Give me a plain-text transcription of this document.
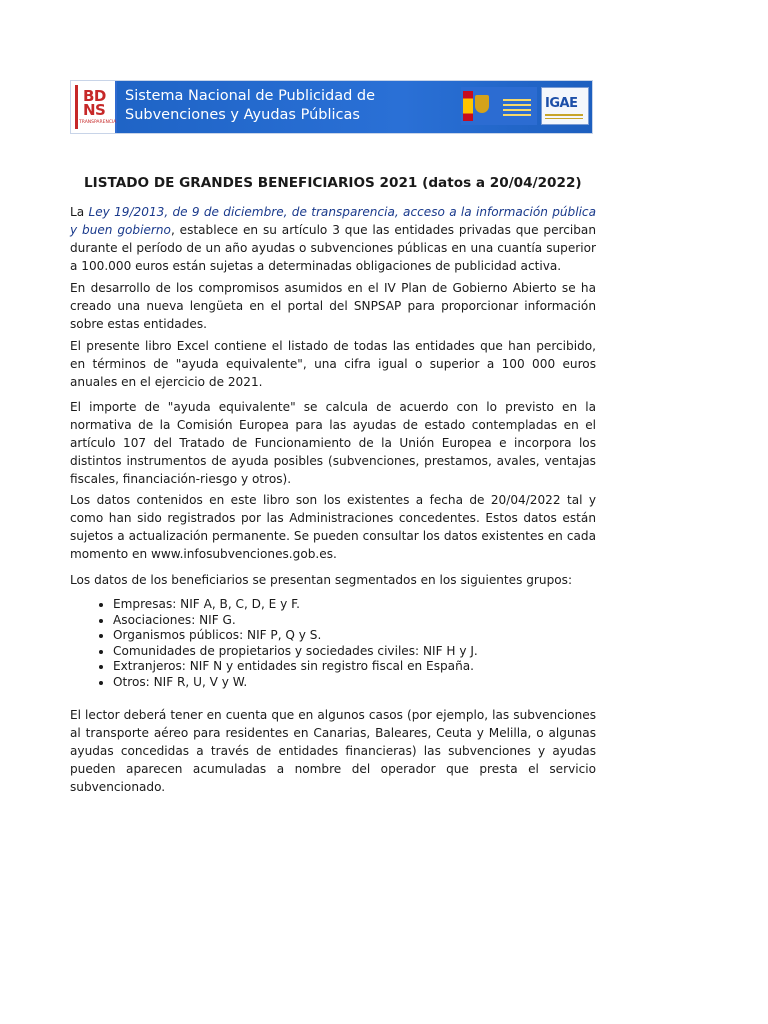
BD
NS
TRANSPARENCIA
Sistema Nacional de Publicidad de
Subvenciones y Ayudas Públicas
IGAE
LISTADO DE GRANDES BENEFICIARIOS 2021 (datos a 20/04/2022)

La Ley 19/2013, de 9 de diciembre, de transparencia, acceso a la información pública y buen gobierno, establece en su artículo 3 que las entidades privadas que perciban durante el período de un año ayudas o subvenciones públicas en una cuantía superior a 100.000 euros están sujetas a determinadas obligaciones de publicidad activa.

En desarrollo de los compromisos asumidos en el IV Plan de Gobierno Abierto se ha creado una nueva lengüeta en el portal del SNPSAP para proporcionar información sobre estas entidades.

El presente libro Excel contiene el listado de todas las entidades que han percibido, en términos de "ayuda equivalente", una cifra igual o superior a 100 000 euros anuales en el ejercicio de 2021.

El importe de "ayuda equivalente" se calcula de acuerdo con lo previsto en la normativa de la Comisión Europea para las ayudas de estado contempladas en el artículo 107 del Tratado de Funcionamiento de la Unión Europea e incorpora los distintos instrumentos de ayuda posibles (subvenciones, prestamos, avales, ventajas fiscales, financiación-riesgo y otros).

Los datos contenidos en este libro son los existentes a fecha de 20/04/2022 tal y como han sido registrados por las Administraciones concedentes. Estos datos están sujetos a actualización permanente. Se pueden consultar los datos existentes en cada momento en www.infosubvenciones.gob.es.

Los datos de los beneficiarios se presentan segmentados en los siguientes grupos:

• Empresas: NIF A, B, C, D, E y F.
• Asociaciones: NIF G.
• Organismos públicos: NIF P, Q y S.
• Comunidades de propietarios y sociedades civiles: NIF H y J.
• Extranjeros: NIF N y entidades sin registro fiscal en España.
• Otros: NIF R, U, V y W.

El lector deberá tener en cuenta que en algunos casos (por ejemplo, las subvenciones al transporte aéreo para residentes en Canarias, Baleares, Ceuta y Melilla, o algunas ayudas concedidas a través de entidades financieras) las subvenciones y ayudas pueden aparecen acumuladas a nombre del operador que presta el servicio subvencionado.
